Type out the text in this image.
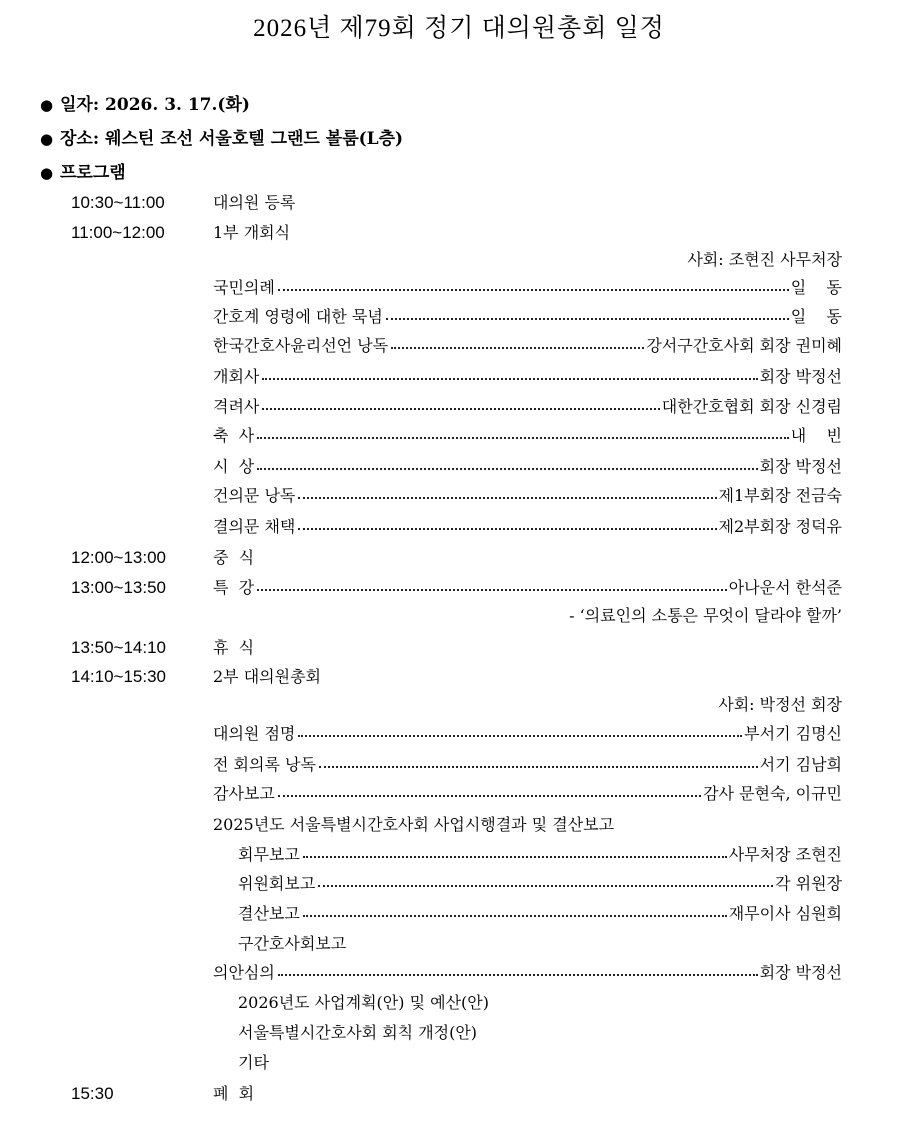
2026년 제79회 정기 대의원총회 일정
● 일자: 2026. 3. 17.(화)
● 장소: 웨스틴 조선 서울호텔 그랜드 볼룸(L층)
● 프로그램
10:30~11:00	대의원 등록
11:00~12:00	1부 개회식
사회: 조현진 사무처장
국민의례	일    동
간호계 영령에 대한 묵념	일    동
한국간호사윤리선언 낭독	강서구간호사회 회장 권미혜
개회사	회장 박정선
격려사	대한간호협회 회장 신경림
축  사	내    빈
시  상	회장 박정선
건의문 낭독	제1부회장 전금숙
결의문 채택	제2부회장 정덕유
12:00~13:00	중  식
13:00~13:50	특  강	아나운서 한석준
- ‘의료인의 소통은 무엇이 달라야 할까’
13:50~14:10	휴  식
14:10~15:30	2부 대의원총회
사회: 박정선 회장
대의원 점명	부서기 김명신
전 회의록 낭독	서기 김남희
감사보고	감사 문현숙, 이규민
2025년도 서울특별시간호사회 사업시행결과 및 결산보고
회무보고	사무처장 조현진
위원회보고	각 위원장
결산보고	재무이사 심원희
구간호사회보고
의안심의	회장 박정선
2026년도 사업계획(안) 및 예산(안)
서울특별시간호사회 회칙 개정(안)
기타
15:30	폐  회
